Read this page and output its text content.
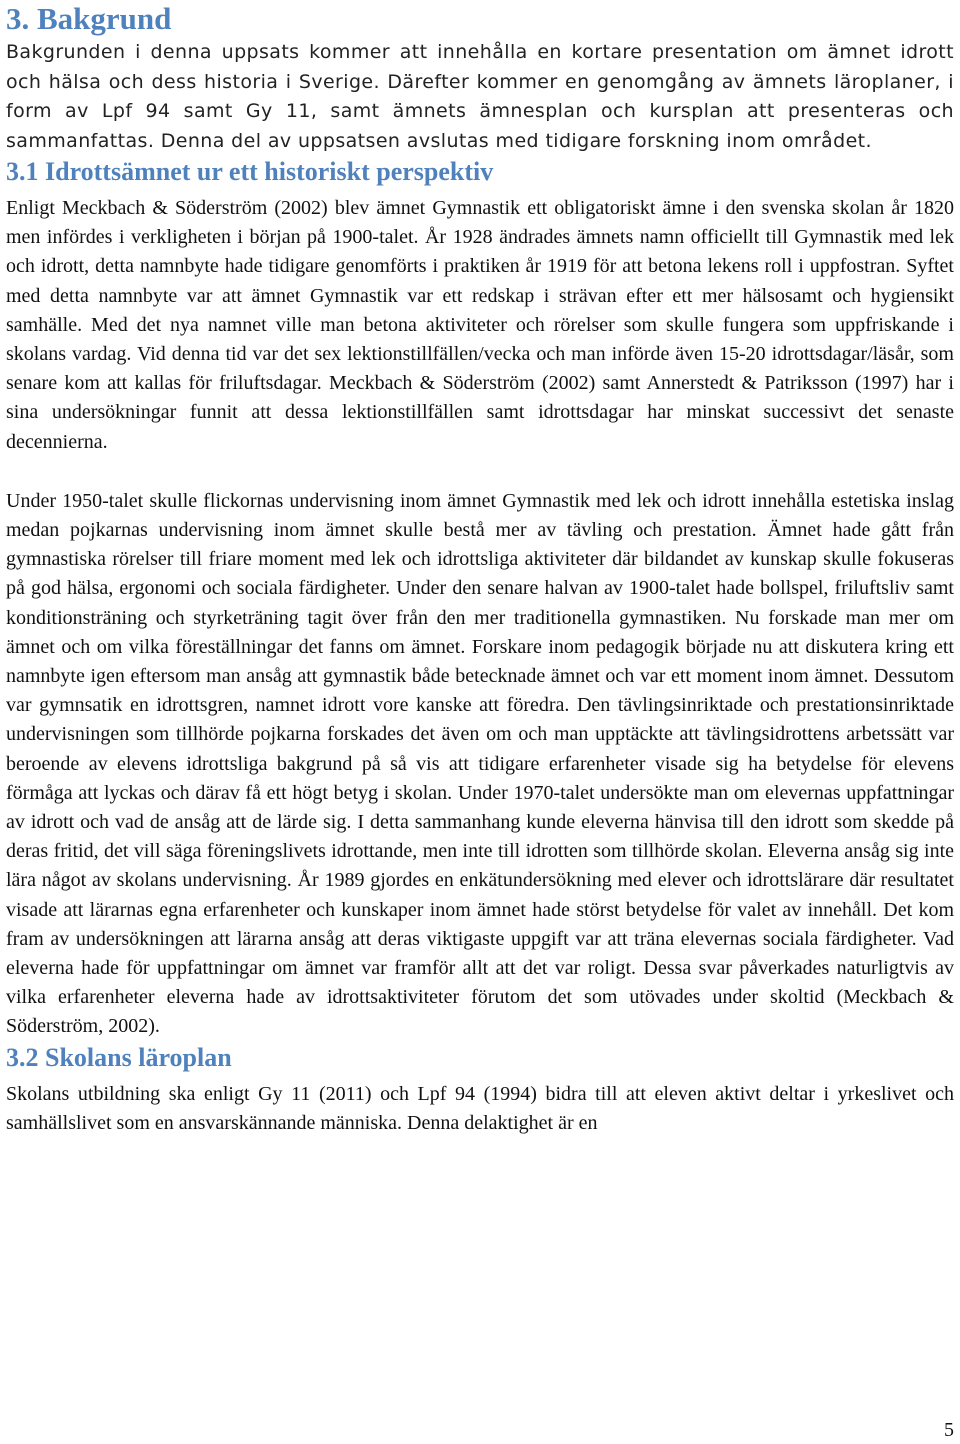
3. Bakgrund

Bakgrunden i denna uppsats kommer att innehålla en kortare presentation om ämnet idrott och hälsa och dess historia i Sverige. Därefter kommer en genomgång av ämnets läroplaner, i form av Lpf 94 samt Gy 11, samt ämnets ämnesplan och kursplan att presenteras och sammanfattas. Denna del av uppsatsen avslutas med tidigare forskning inom området.

3.1 Idrottsämnet ur ett historiskt perspektiv

Enligt Meckbach & Söderström (2002) blev ämnet Gymnastik ett obligatoriskt ämne i den svenska skolan år 1820 men infördes i verkligheten i början på 1900-talet. År 1928 ändrades ämnets namn officiellt till Gymnastik med lek och idrott, detta namnbyte hade tidigare genomförts i praktiken år 1919 för att betona lekens roll i uppfostran. Syftet med detta namnbyte var att ämnet Gymnastik var ett redskap i strävan efter ett mer hälsosamt och hygiensikt samhälle. Med det nya namnet ville man betona aktiviteter och rörelser som skulle fungera som uppfriskande i skolans vardag. Vid denna tid var det sex lektionstillfällen/vecka och man införde även 15-20 idrottsdagar/läsår, som senare kom att kallas för friluftsdagar. Meckbach & Söderström (2002) samt Annerstedt & Patriksson (1997) har i sina undersökningar funnit att dessa lektionstillfällen samt idrottsdagar har minskat successivt det senaste decennierna.

Under 1950-talet skulle flickornas undervisning inom ämnet Gymnastik med lek och idrott innehålla estetiska inslag medan pojkarnas undervisning inom ämnet skulle bestå mer av tävling och prestation. Ämnet hade gått från gymnastiska rörelser till friare moment med lek och idrottsliga aktiviteter där bildandet av kunskap skulle fokuseras på god hälsa, ergonomi och sociala färdigheter. Under den senare halvan av 1900-talet hade bollspel, friluftsliv samt konditionsträning och styrketräning tagit över från den mer traditionella gymnastiken. Nu forskade man mer om ämnet och om vilka föreställningar det fanns om ämnet. Forskare inom pedagogik började nu att diskutera kring ett namnbyte igen eftersom man ansåg att gymnastik både betecknade ämnet och var ett moment inom ämnet. Dessutom var gymnsatik en idrottsgren, namnet idrott vore kanske att föredra. Den tävlingsinriktade och prestationsinriktade undervisningen som tillhörde pojkarna forskades det även om och man upptäckte att tävlingsidrottens arbetssätt var beroende av elevens idrottsliga bakgrund på så vis att tidigare erfarenheter visade sig ha betydelse för elevens förmåga att lyckas och därav få ett högt betyg i skolan. Under 1970-talet undersökte man om elevernas uppfattningar av idrott och vad de ansåg att de lärde sig. I detta sammanhang kunde eleverna hänvisa till den idrott som skedde på deras fritid, det vill säga föreningslivets idrottande, men inte till idrotten som tillhörde skolan. Eleverna ansåg sig inte lära något av skolans undervisning. År 1989 gjordes en enkätundersökning med elever och idrottslärare där resultatet visade att lärarnas egna erfarenheter och kunskaper inom ämnet hade störst betydelse för valet av innehåll. Det kom fram av undersökningen att lärarna ansåg att deras viktigaste uppgift var att träna elevernas sociala färdigheter. Vad eleverna hade för uppfattningar om ämnet var framför allt att det var roligt. Dessa svar påverkades naturligtvis av vilka erfarenheter eleverna hade av idrottsaktiviteter förutom det som utövades under skoltid (Meckbach & Söderström, 2002).

3.2 Skolans läroplan

Skolans utbildning ska enligt Gy 11 (2011) och Lpf 94 (1994) bidra till att eleven aktivt deltar i yrkeslivet och samhällslivet som en ansvarskännande människa. Denna delaktighet är en

5
